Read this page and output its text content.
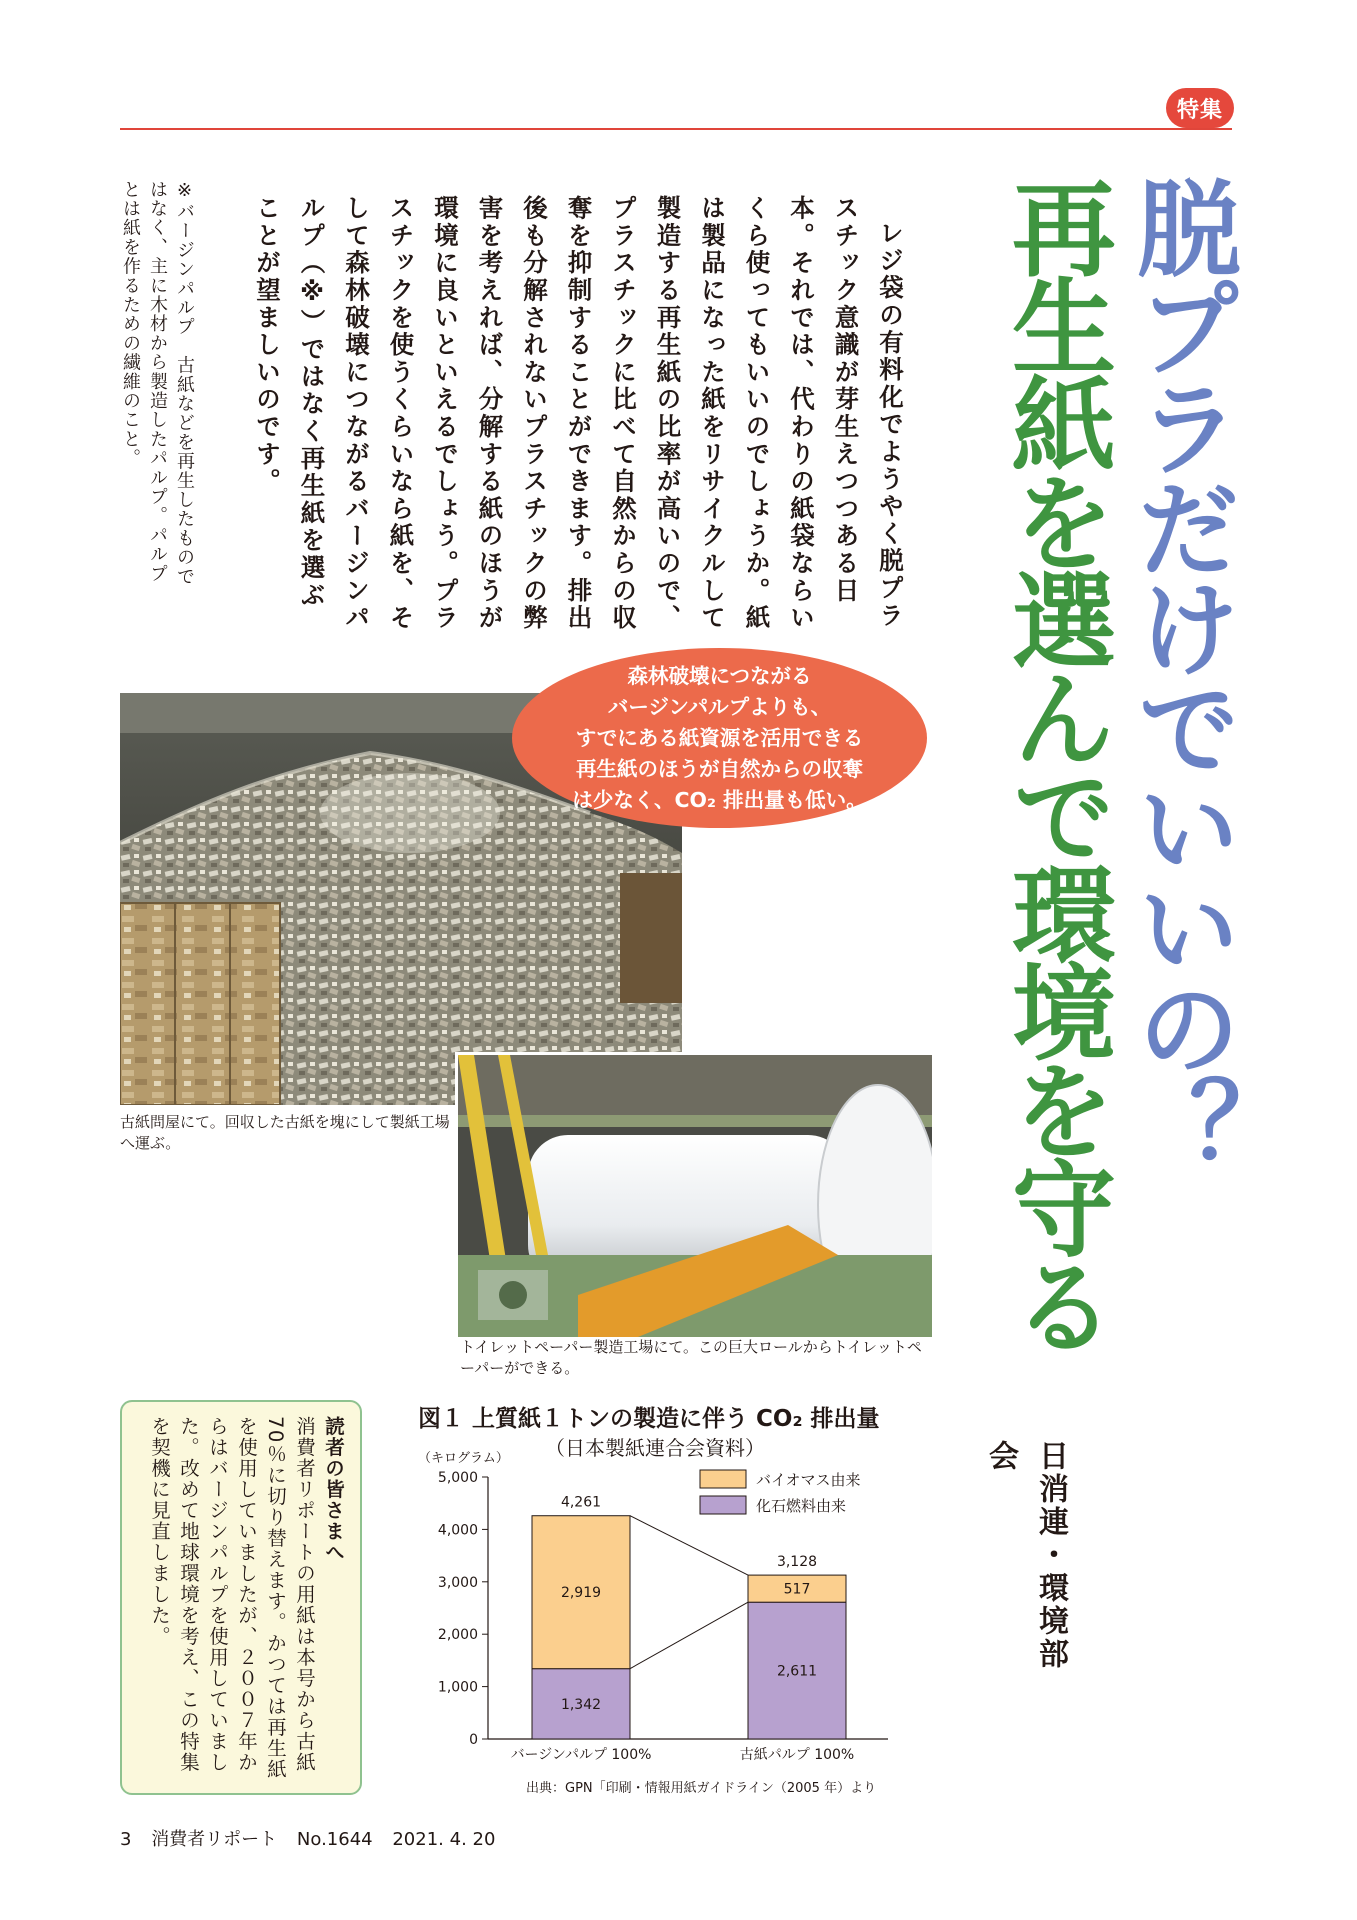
特集
脱プラだけでいいの？
再生紙を選んで環境を守る
日消連・環境部会

レジ袋の有料化でようやく脱プラスチック意識が芽生えつつある日本。それでは、代わりの紙袋ならいくら使ってもいいのでしょうか。紙は製品になった紙をリサイクルして製造する再生紙の比率が高いので、プラスチックに比べて自然からの収奪を抑制することができます。排出後も分解されないプラスチックの弊害を考えれば、分解する紙のほうが環境に良いといえるでしょう。プラスチックを使うくらいなら紙を、そして森林破壊につながるバージンパルプ（※）ではなく再生紙を選ぶことが望ましいのです。

※バージンパルプ　古紙などを再生したものではなく、主に木材から製造したパルプ。パルプとは紙を作るための繊維のこと。
古紙問屋にて。回収した古紙を塊にして製紙工場へ運ぶ。
トイレットペーパー製造工場にて。この巨大ロールからトイレットペーパーができる。
森林破壊につながる
バージンパルプよりも、
すでにある紙資源を活用できる
再生紙のほうが自然からの収奪
は少なく、CO₂ 排出量も低い。
読者の皆さまへ
消費者リポートの用紙は本号から古紙70％に切り替えます。かつては再生紙を使用していましたが、２００７年からはバージンパルプを使用していました。改めて地球環境を考え、この特集を契機に見直しました。	図１ 上質紙１トンの製造に伴う CO₂ 排出量
（日本製紙連合会資料）
（キログラム）
0
1,000
2,000
3,000
4,000
5,000
1,342
2,919
4,261
バージンパルプ 100%
2,611
517
3,128
古紙パルプ 100%
バイオマス由来
化石燃料由来
出典：GPN「印刷・情報用紙ガイドライン（2005 年）より
3 消費者リポート No.1644 2021. 4. 20
